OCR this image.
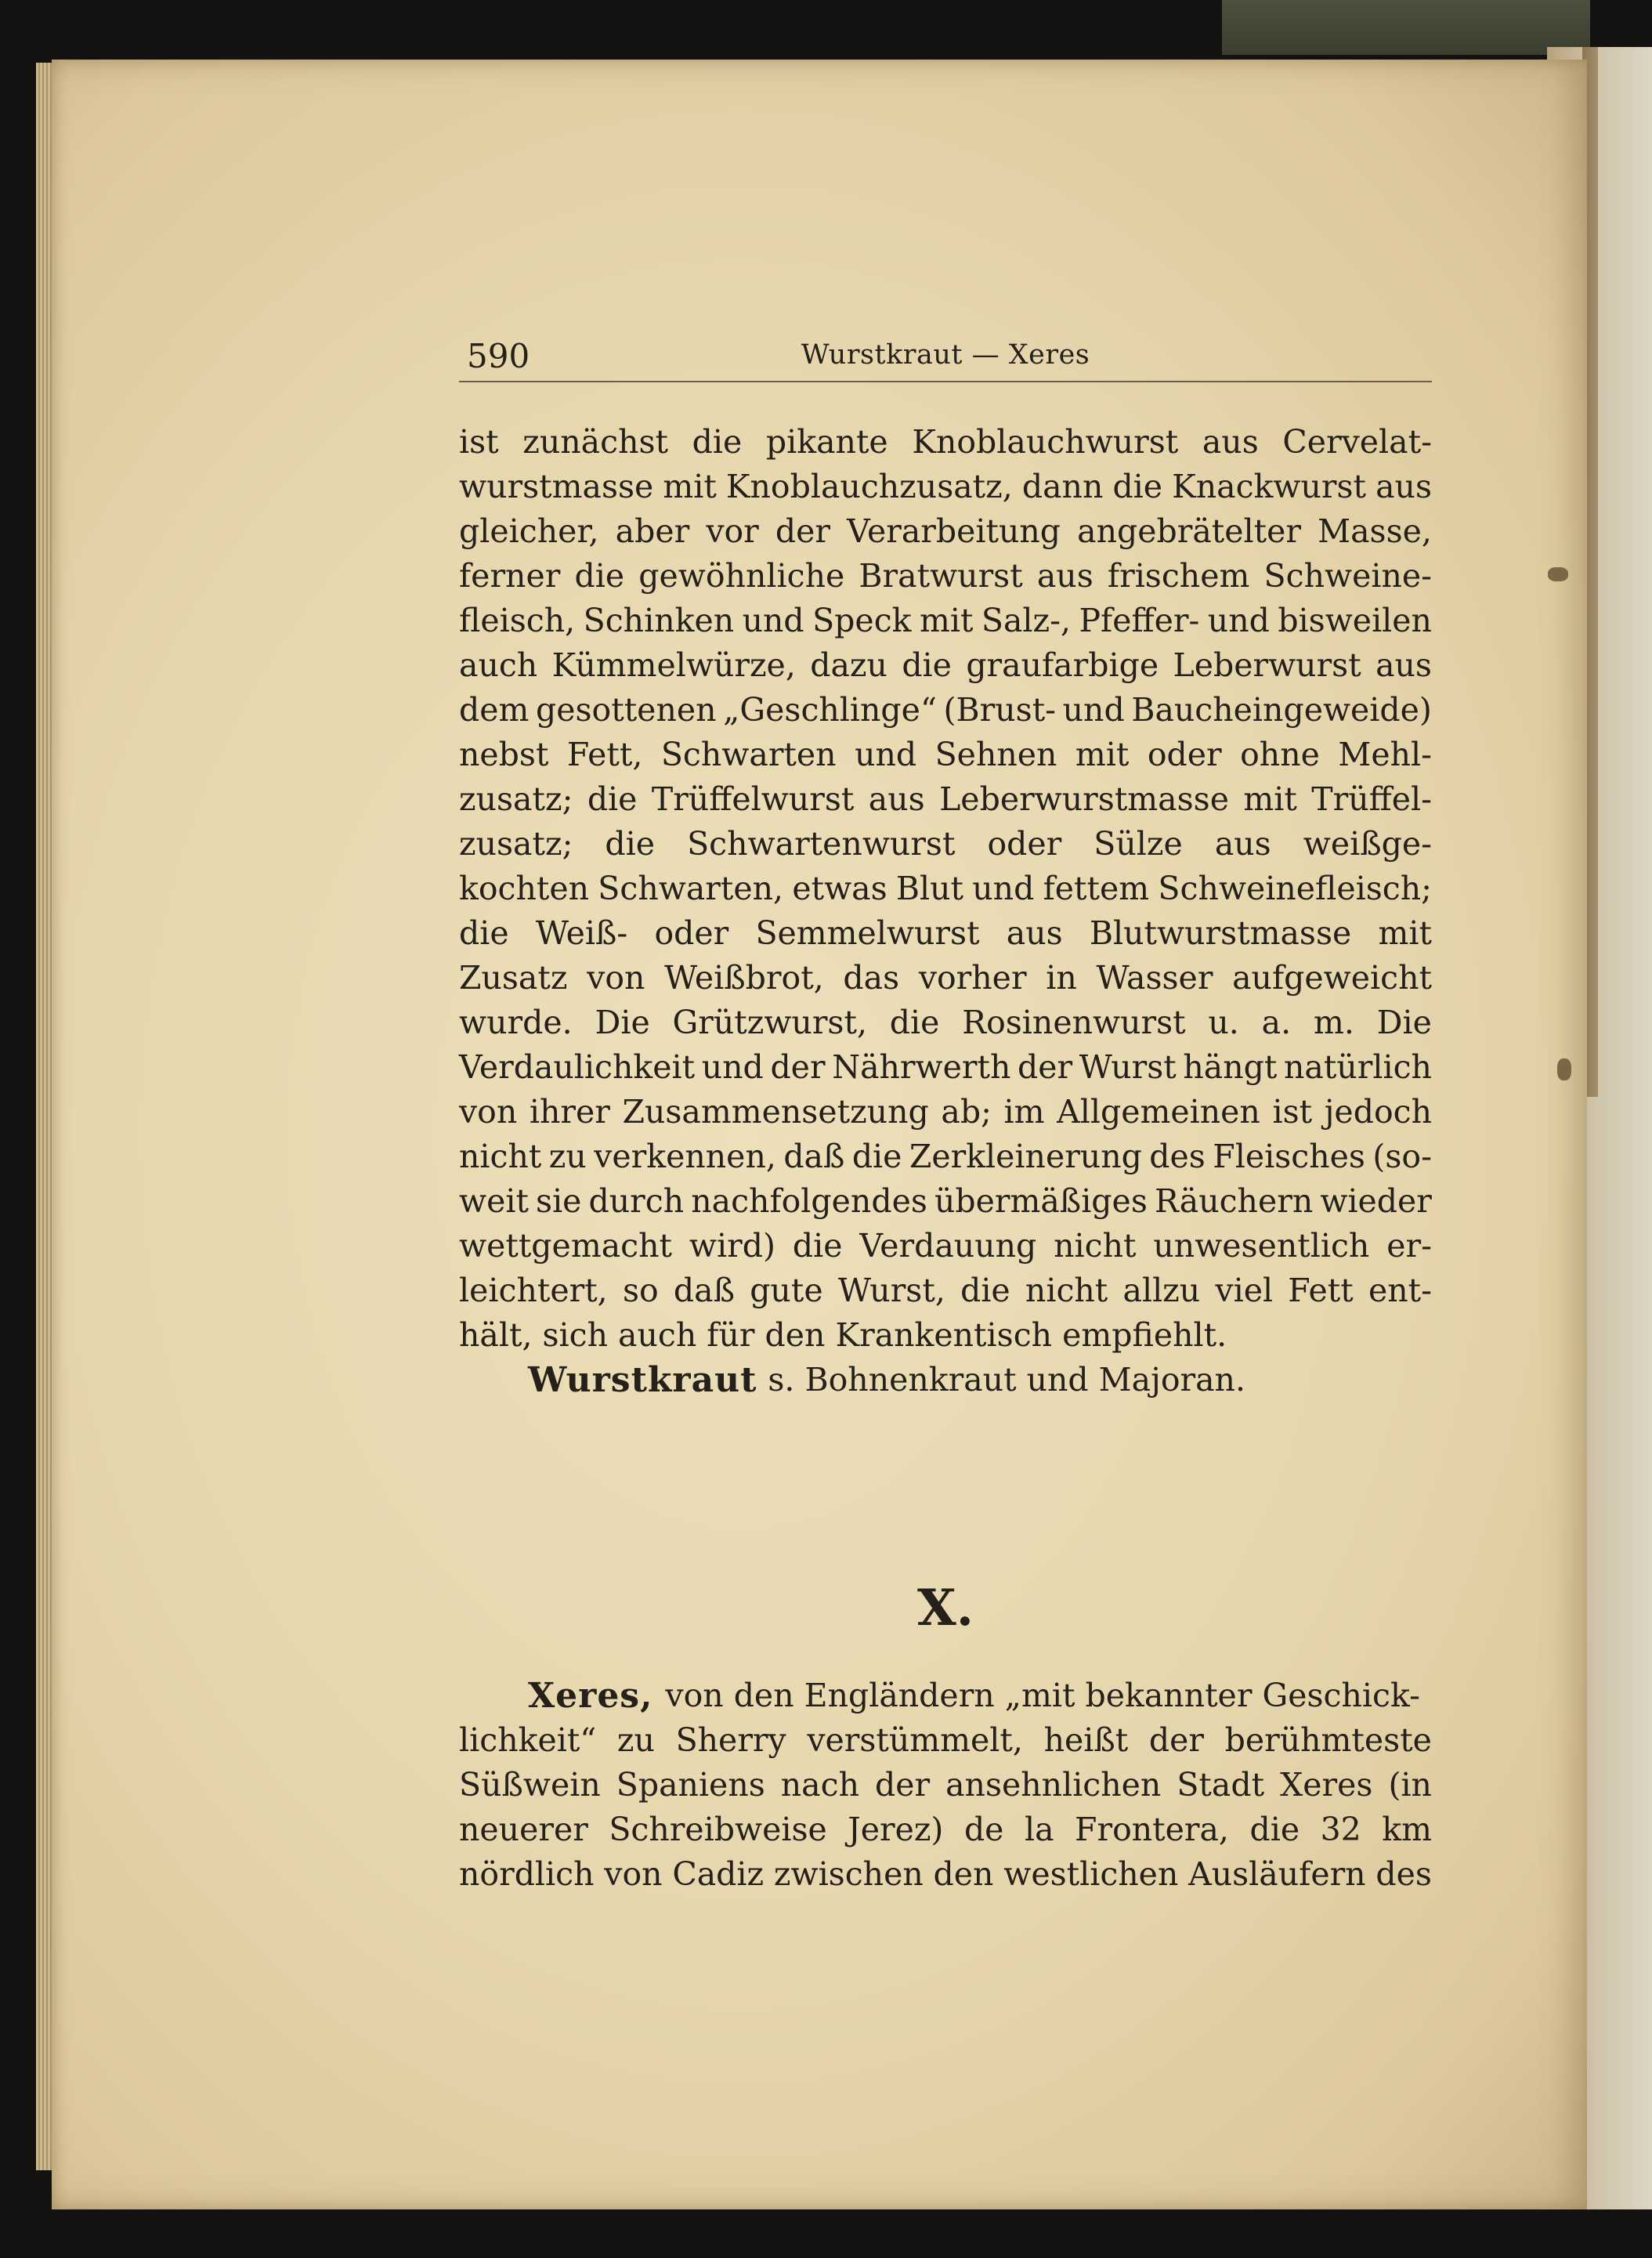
590	Wurstkraut — Xeres
ist zunächst die pikante Knoblauchwurst aus Cervelat-
wurstmasse mit Knoblauchzusatz, dann die Knackwurst aus
gleicher, aber vor der Verarbeitung angebrätelter Masse,
ferner die gewöhnliche Bratwurst aus frischem Schweine-
fleisch, Schinken und Speck mit Salz-, Pfeffer- und bisweilen
auch Kümmelwürze, dazu die graufarbige Leberwurst aus
dem gesottenen „Geschlinge“ (Brust- und Baucheingeweide)
nebst Fett, Schwarten und Sehnen mit oder ohne Mehl-
zusatz; die Trüffelwurst aus Leberwurstmasse mit Trüffel-
zusatz; die Schwartenwurst oder Sülze aus weißge-
kochten Schwarten, etwas Blut und fettem Schweinefleisch;
die Weiß- oder Semmelwurst aus Blutwurstmasse mit
Zusatz von Weißbrot, das vorher in Wasser aufgeweicht
wurde. Die Grützwurst, die Rosinenwurst u. a. m. Die
Verdaulichkeit und der Nährwerth der Wurst hängt natürlich
von ihrer Zusammensetzung ab; im Allgemeinen ist jedoch
nicht zu verkennen, daß die Zerkleinerung des Fleisches (so-
weit sie durch nachfolgendes übermäßiges Räuchern wieder
wettgemacht wird) die Verdauung nicht unwesentlich er-
leichtert, so daß gute Wurst, die nicht allzu viel Fett ent-
hält, sich auch für den Krankentisch empfiehlt.
Wurstkraut s. Bohnenkraut und Majoran.
X.
Xeres, von den Engländern „mit bekannter Geschick-
lichkeit“ zu Sherry verstümmelt, heißt der berühmteste
Süßwein Spaniens nach der ansehnlichen Stadt Xeres (in
neuerer Schreibweise Jerez) de la Frontera, die 32 km
nördlich von Cadiz zwischen den westlichen Ausläufern des
